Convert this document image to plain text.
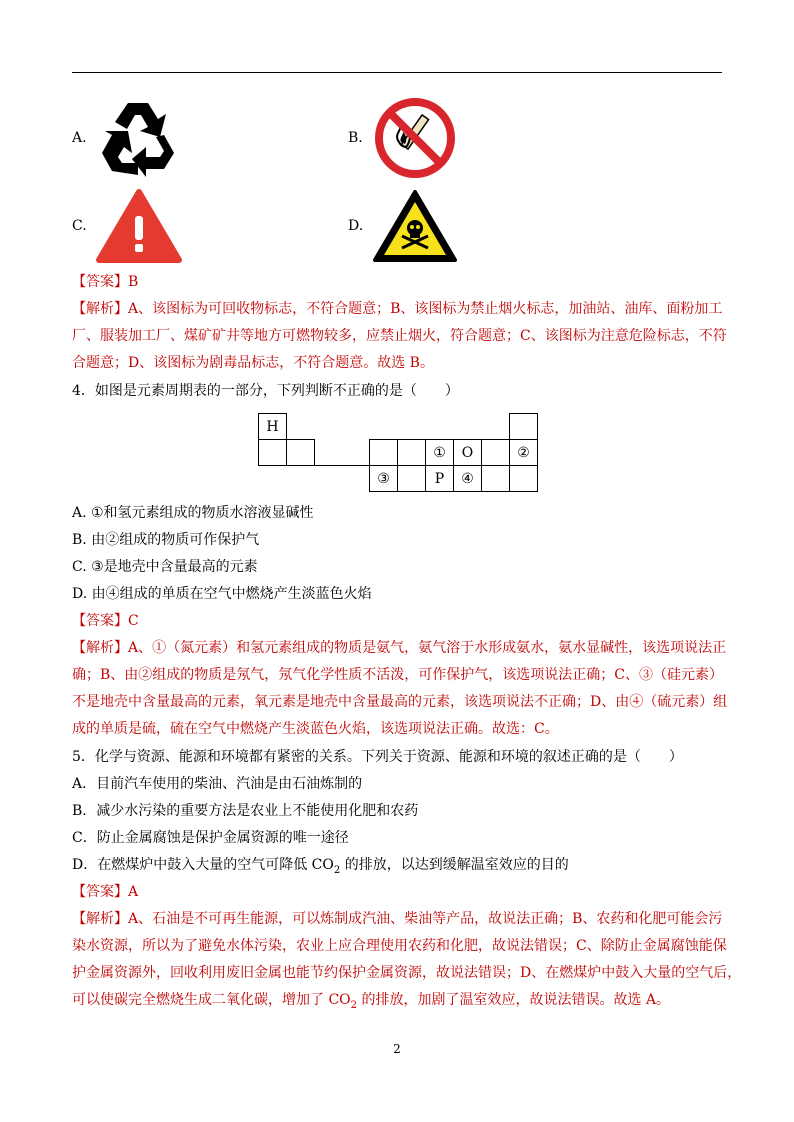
A.	B.
C.	D.
【答案】B
【解析】A、该图标为可回收物标志，不符合题意；B、该图标为禁止烟火标志，加油站、油库、面粉加工
厂、服装加工厂、煤矿矿井等地方可燃物较多，应禁止烟火，符合题意；C、该图标为注意危险标志，不符
合题意；D、该图标为剧毒品标志，不符合题意。故选 B。
4．如图是元素周期表的一部分，下列判断不正确的是（　　）
H									
						①	O		②
				③		P	④		
A. ①和氢元素组成的物质水溶液显碱性
B. 由②组成的物质可作保护气
C. ③是地壳中含量最高的元素
D. 由④组成的单质在空气中燃烧产生淡蓝色火焰
【答案】C
【解析】A、①（氮元素）和氢元素组成的物质是氨气，氨气溶于水形成氨水，氨水显碱性，该选项说法正
确；B、由②组成的物质是氖气，氖气化学性质不活泼，可作保护气，该选项说法正确；C、③（硅元素）
不是地壳中含量最高的元素，氧元素是地壳中含量最高的元素，该选项说法不正确；D、由④（硫元素）组
成的单质是硫，硫在空气中燃烧产生淡蓝色火焰，该选项说法正确。故选：C。
5．化学与资源、能源和环境都有紧密的关系。下列关于资源、能源和环境的叙述正确的是（　　）
A．目前汽车使用的柴油、汽油是由石油炼制的
B．减少水污染的重要方法是农业上不能使用化肥和农药
C．防止金属腐蚀是保护金属资源的唯一途径
D．在燃煤炉中鼓入大量的空气可降低 $CO_2$ 的排放，以达到缓解温室效应的目的
【答案】A
【解析】A、石油是不可再生能源，可以炼制成汽油、柴油等产品，故说法正确；B、农药和化肥可能会污
染水资源，所以为了避免水体污染，农业上应合理使用农药和化肥，故说法错误；C、除防止金属腐蚀能保
护金属资源外，回收利用废旧金属也能节约保护金属资源，故说法错误；D、在燃煤炉中鼓入大量的空气后，
可以使碳完全燃烧生成二氧化碳，增加了 $CO_2$ 的排放，加剧了温室效应，故说法错误。故选 A。
2
